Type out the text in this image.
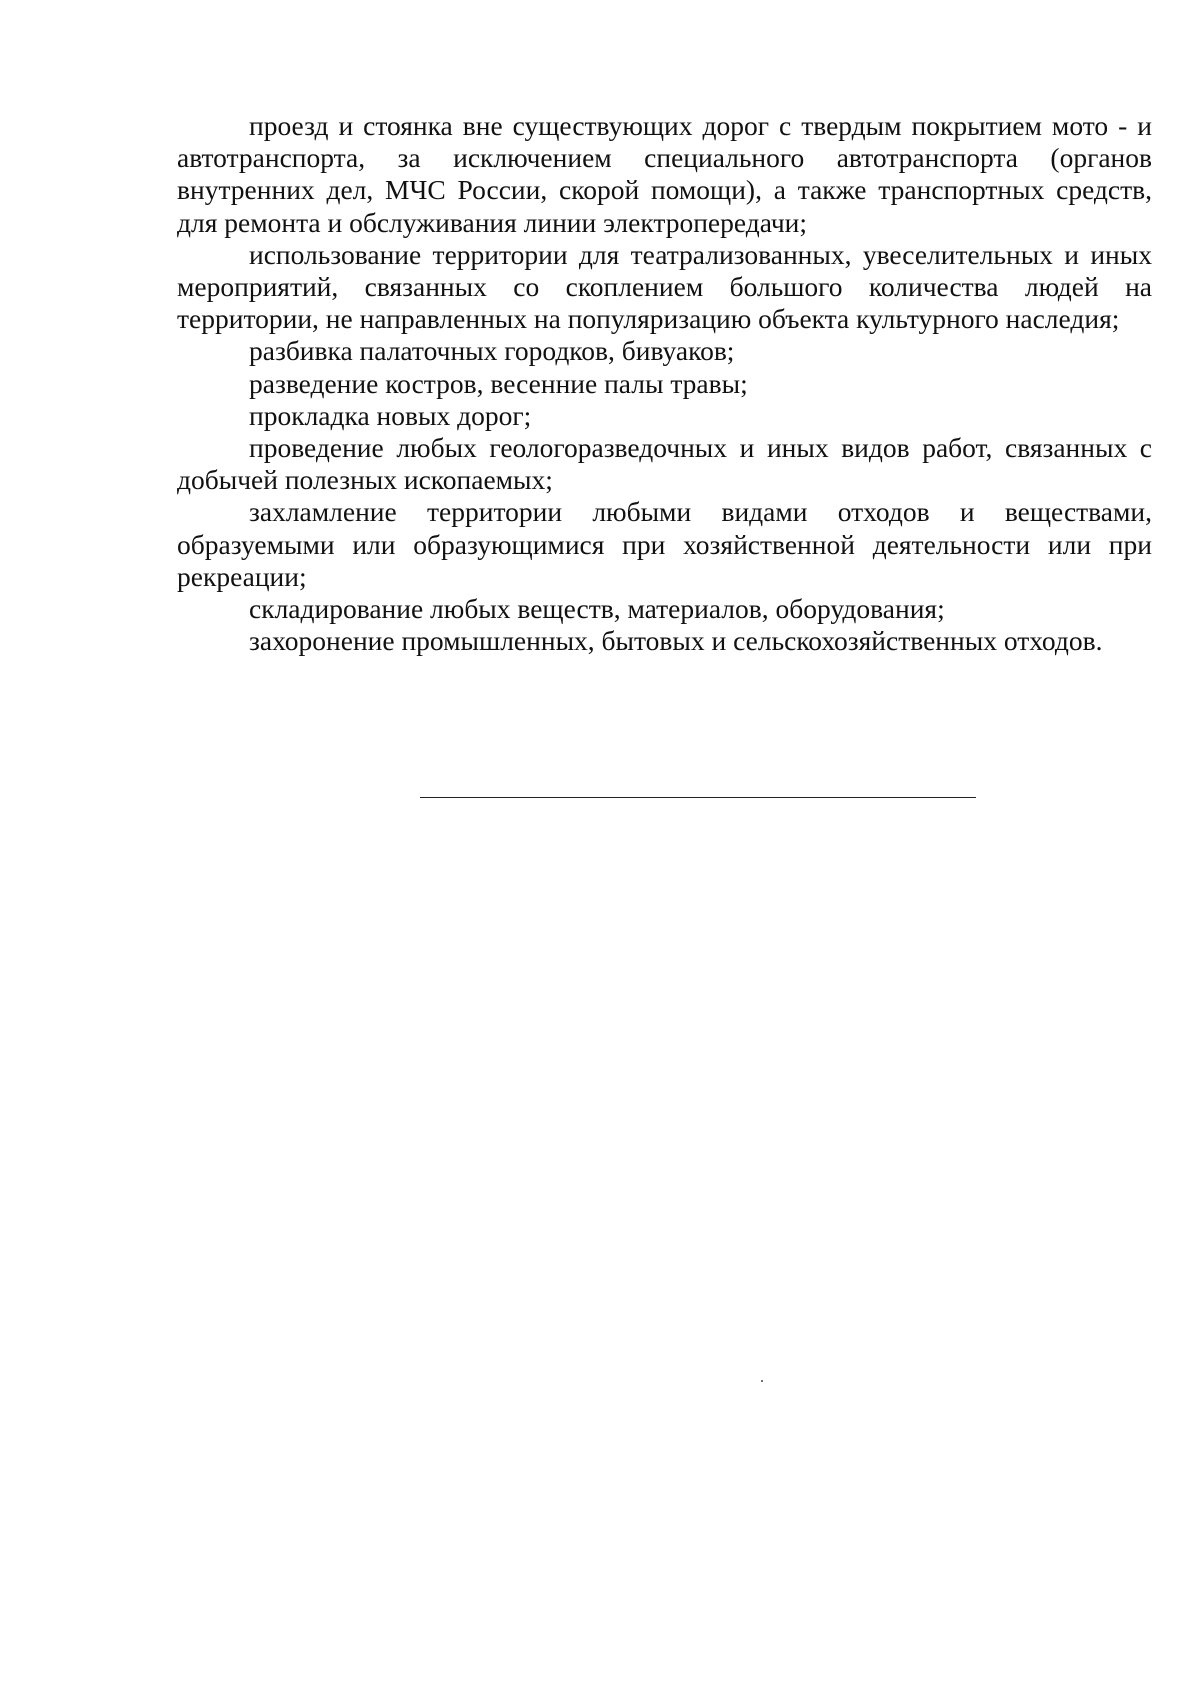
проезд и стоянка вне существующих дорог с твердым покрытием мото - и автотранспорта, за исключением специального автотранспорта (органов внутренних дел, МЧС России, скорой помощи), а также транспортных средств, для ремонта и обслуживания линии электропередачи;

использование территории для театрализованных, увеселительных и иных мероприятий, связанных со скоплением большого количества людей на территории, не направленных на популяризацию объекта культурного наследия;

разбивка палаточных городков, бивуаков;

разведение костров, весенние палы травы;

прокладка новых дорог;

проведение любых геологоразведочных и иных видов работ, связанных с добычей полезных ископаемых;

захламление территории любыми видами отходов и веществами, образуемыми или образующимися при хозяйственной деятельности или при рекреации;

складирование любых веществ, материалов, оборудования;

захоронение промышленных, бытовых и сельскохозяйственных отходов.
